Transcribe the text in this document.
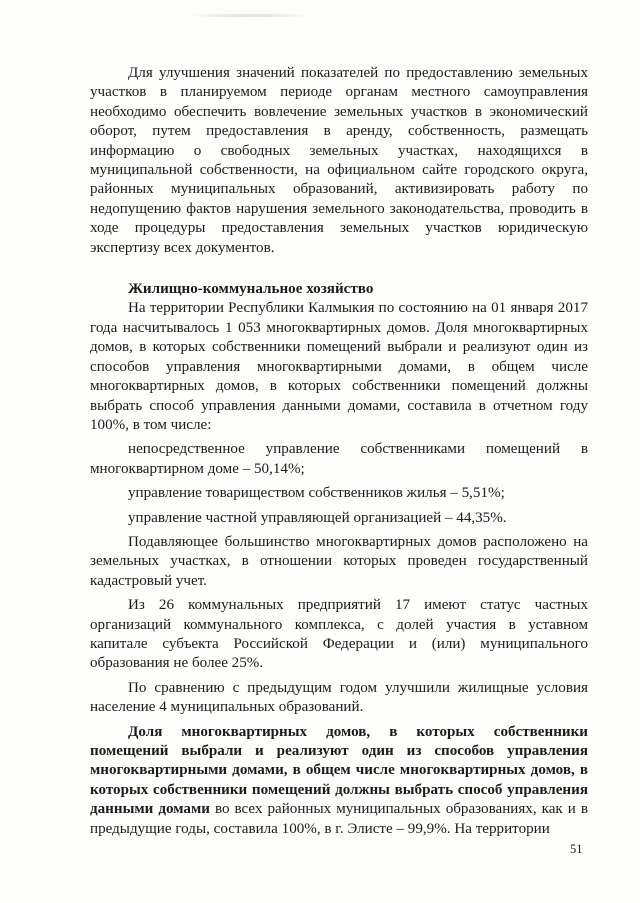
Для улучшения значений показателей по предоставлению земельных участков в планируемом периоде органам местного самоуправления необходимо обеспечить вовлечение земельных участков в экономический оборот, путем предоставления в аренду, собственность, размещать информацию о свободных земельных участках, находящихся в муниципальной собственности, на официальном сайте городского округа, районных муниципальных образований, активизировать работу по недопущению фактов нарушения земельного законодательства, проводить в ходе процедуры предоставления земельных участков юридическую экспертизу всех документов.

Жилищно-коммунальное хозяйство

На территории Республики Калмыкия по состоянию на 01 января 2017 года насчитывалось 1 053 многоквартирных домов. Доля многоквартирных домов, в которых собственники помещений выбрали и реализуют один из способов управления многоквартирными домами, в общем числе многоквартирных домов, в которых собственники помещений должны выбрать способ управления данными домами, составила в отчетном году 100%, в том числе:

непосредственное управление собственниками помещений в многоквартирном доме – 50,14%;

управление товариществом собственников жилья – 5,51%;

управление частной управляющей организацией – 44,35%.

Подавляющее большинство многоквартирных домов расположено на земельных участках, в отношении которых проведен государственный кадастровый учет.

Из 26 коммунальных предприятий 17 имеют статус частных организаций коммунального комплекса, с долей участия в уставном капитале субъекта Российской Федерации и (или) муниципального образования не более 25%.

По сравнению с предыдущим годом улучшили жилищные условия население 4 муниципальных образований.

Доля многоквартирных домов, в которых собственники помещений выбрали и реализуют один из способов управления многоквартирными домами, в общем числе многоквартирных домов, в которых собственники помещений должны выбрать способ управления данными домами во всех районных муниципальных образованиях, как и в предыдущие годы, составила 100%, в г. Элисте – 99,9%. На территории

51
